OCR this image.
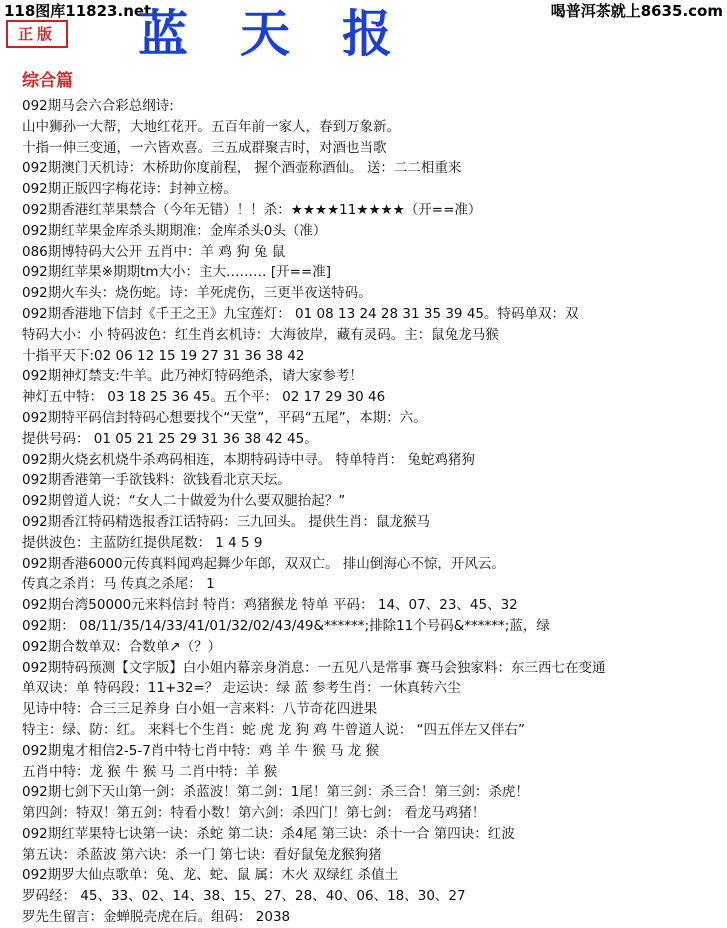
118图库11823.net	喝普洱茶就上8635.com
正版 蓝天报
综合篇
092期马会六合彩总纲诗:
山中狮孙一大帮，大地红花开。五百年前一家人，春到万象新。
十指一伸三变通，一六皆欢喜。三五成群聚吉时，对酒也当歌
092期澳门天机诗：木桥助你度前程， 握个酒壶称酒仙。 送：二二相重来
092期正版四字梅花诗：封神立榜。
092期香港红苹果禁合（今年无错）！！杀：★★★★11★★★★（开==准）
092期红苹果金库杀头期期准：金库杀头0头（准）
086期博特码大公开 五肖中：羊 鸡 狗 兔 鼠
092期红苹果※期期tm大小：主大……… [开==准]
092期火车头：烧伤蛇。诗：羊死虎伤，三更半夜送特码。
092期香港地下信封《千王之王》九宝莲灯： 01 08 13 24 28 31 35 39 45。特码单双：双
特码大小：小 特码波色：红生肖玄机诗：大海彼岸，藏有灵码。主：鼠兔龙马猴
十指平天下:02 06 12 15 19 27 31 36 38 42
092期神灯禁支:牛羊。此乃神灯特码绝杀，请大家参考！
神灯五中特： 03 18 25 36 45。五个平： 02 17 29 30 46
092期特平码信封特码心想要找个“天堂”，平码“五尾”，本期：六。
提供号码： 01 05 21 25 29 31 36 38 42 45。
092期火烧玄机烧牛杀鸡码相连，本期特码诗中寻。 特单特肖： 兔蛇鸡猪狗
092期香港第一手欲钱料：欲钱看北京天坛。
092期曾道人说：“女人二十做爱为什么要双腿抬起？”
092期香江特码精选报香江话特码：三九回头。 提供生肖：鼠龙猴马
提供波色：主蓝防红提供尾数： 1 4 5 9
092期香港6000元传真料闻鸡起舞少年郎，双双亡。 排山倒海心不惊，开风云。
传真之杀肖：马 传真之杀尾： 1
092期台湾50000元来料信封 特肖：鸡猪猴龙 特单 平码： 14、07、23、45、32
092期： 08/11/35/14/33/41/01/32/02/43/49&******;排除11个号码&******;蓝，绿
092期合数单双：合数单↗（？）
092期特码预测【文字版】白小姐内幕亲身消息：一五见八是常事 赛马会独家料：东三西七在变通
单双诀：单 特码段：11+32=？ 走运诀：绿 蓝 参考生肖：一休真转六尘
见诗中特：合三三足养身 白小姐一言来料：八节奇花四进果
特主：绿、防：红。 来料七个生肖：蛇 虎 龙 狗 鸡 牛曾道人说： “四五伴左又伴右”
092期鬼才相信2-5-7肖中特七肖中特：鸡 羊 牛 猴 马 龙 猴
五肖中特：龙 猴 牛 猴 马 二肖中特：羊 猴
092期七剑下天山第一剑：杀蓝波！第二剑：1尾！第三剑：杀三合！第三剑：杀虎！
第四剑：特双！第五剑：特看小数！第六剑：杀四门！第七剑： 看龙马鸡猪！
092期红苹果特七诀第一诀：杀蛇 第二诀：杀4尾 第三诀：杀十一合 第四诀：红波
第五诀：杀蓝波 第六诀：杀一门 第七诀：看好鼠兔龙猴狗猪
092期罗大仙点歌单：兔、龙、蛇、鼠 属：木火 双绿红 杀值土
罗码经： 45、33、02、14、38、15、27、28、40、06、18、30、27
罗先生留言：金蝉脱壳虎在后。组码： 2038
